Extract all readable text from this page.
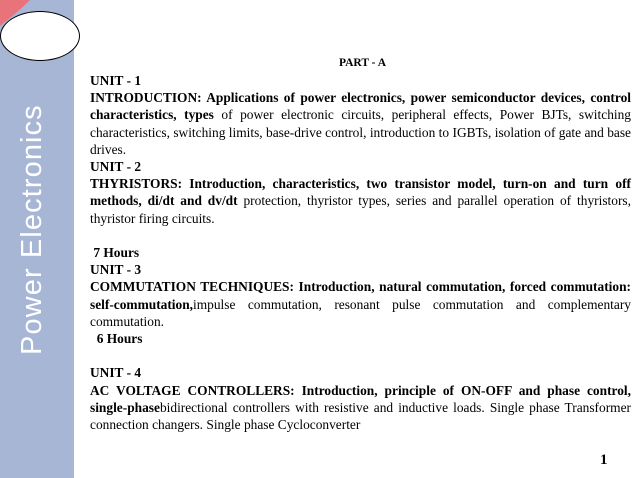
Power Electronics

PART - A

UNIT - 1

INTRODUCTION: Applications of power electronics, power semiconductor devices, control characteristics, types of power electronic circuits, peripheral effects, Power BJTs, switching characteristics, switching limits, base-drive control, introduction to IGBTs, isolation of gate and base drives.

UNIT - 2

THYRISTORS: Introduction, characteristics, two transistor model, turn-on and turn off methods, di/dt and dv/dt protection, thyristor types, series and parallel operation of thyristors, thyristor firing circuits.

7 Hours

UNIT - 3

COMMUTATION TECHNIQUES: Introduction, natural commutation, forced commutation: self-commutation,impulse commutation, resonant pulse commutation and complementary commutation.

6 Hours

UNIT - 4

AC VOLTAGE CONTROLLERS: Introduction, principle of ON-OFF and phase control, single-phasebidirectional controllers with resistive and inductive loads. Single phase Transformer connection changers. Single phase Cycloconverter

1
